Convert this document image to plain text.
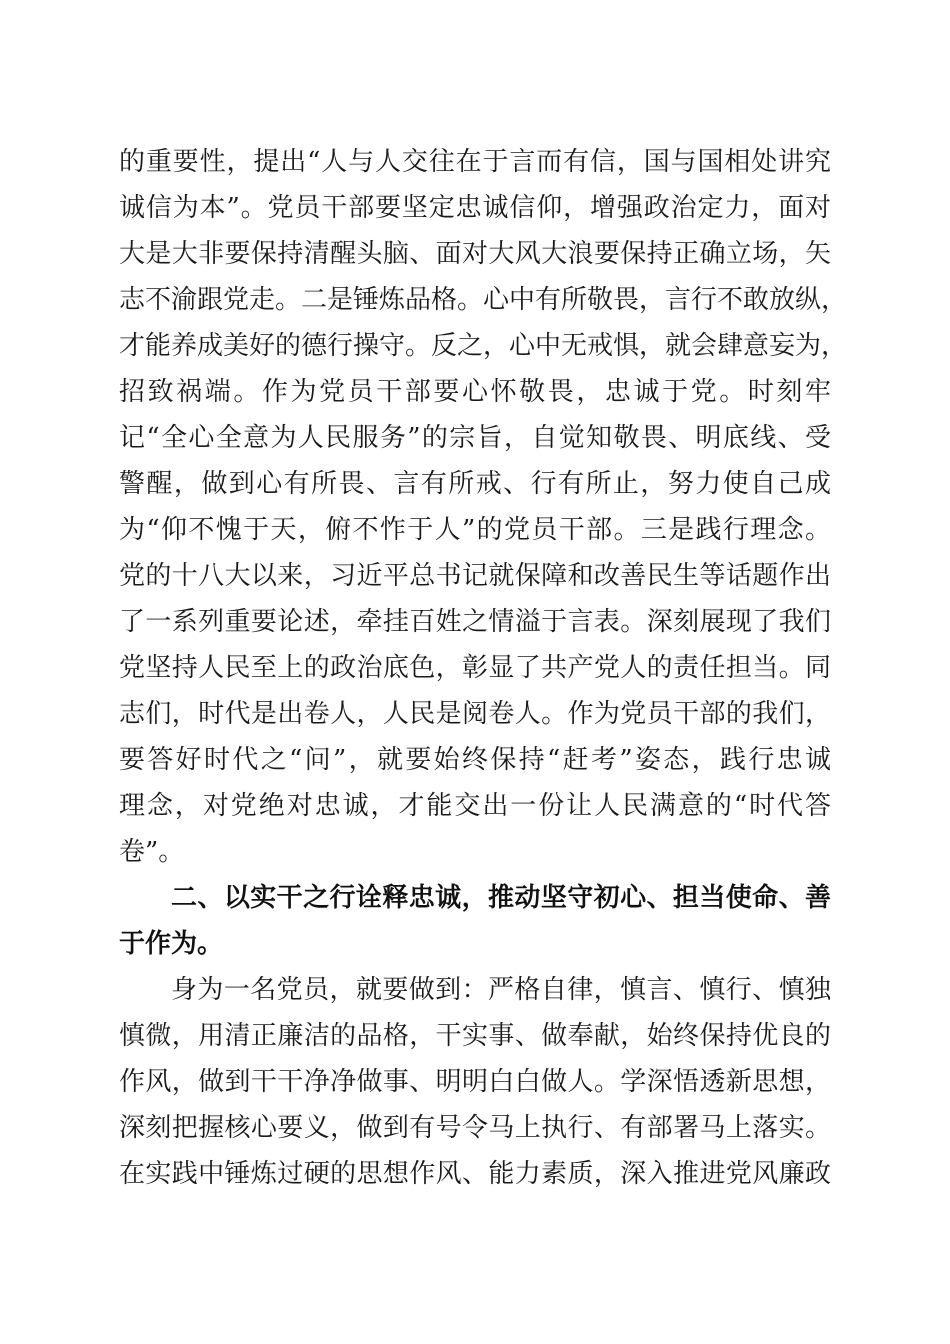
的重要性，提出“人与人交往在于言而有信，国与国相处讲究
诚信为本”。党员干部要坚定忠诚信仰，增强政治定力，面对
大是大非要保持清醒头脑、面对大风大浪要保持正确立场，矢
志不渝跟党走。二是锤炼品格。心中有所敬畏，言行不敢放纵，
才能养成美好的德行操守。反之，心中无戒惧，就会肆意妄为，
招致祸端。作为党员干部要心怀敬畏，忠诚于党。时刻牢
记“全心全意为人民服务”的宗旨，自觉知敬畏、明底线、受
警醒，做到心有所畏、言有所戒、行有所止，努力使自己成
为“仰不愧于天，俯不怍于人”的党员干部。三是践行理念。
党的十八大以来，习近平总书记就保障和改善民生等话题作出
了一系列重要论述，牵挂百姓之情溢于言表。深刻展现了我们
党坚持人民至上的政治底色，彰显了共产党人的责任担当。同
志们，时代是出卷人，人民是阅卷人。作为党员干部的我们，
要答好时代之“问”，就要始终保持“赶考”姿态，践行忠诚
理念，对党绝对忠诚，才能交出一份让人民满意的“时代答
卷”。
二、以实干之行诠释忠诚，推动坚守初心、担当使命、善
于作为。
身为一名党员，就要做到：严格自律，慎言、慎行、慎独
慎微，用清正廉洁的品格，干实事、做奉献，始终保持优良的
作风，做到干干净净做事、明明白白做人。学深悟透新思想，
深刻把握核心要义，做到有号令马上执行、有部署马上落实。
在实践中锤炼过硬的思想作风、能力素质，深入推进党风廉政
